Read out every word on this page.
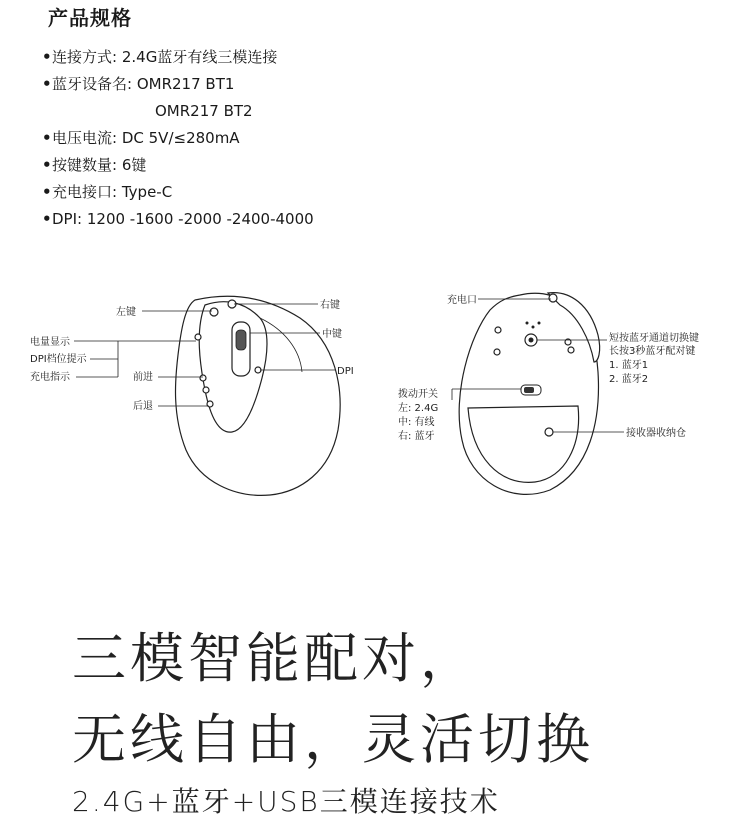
产品规格
•连接方式: 2.4G蓝牙有线三模连接
•蓝牙设备名: OMR217 BT1
OMR217 BT2
•电压电流: DC 5V/≤280mA
•按键数量: 6键
•充电接口: Type-C
•DPI: 1200 -1600 -2000 -2400-4000
左键
右键
中键
DPI
电量显示
DPI档位提示
充电指示	前进
后退
充电口
短按蓝牙通道切换键
长按3秒蓝牙配对键
1. 蓝牙1
2. 蓝牙2
拨动开关
左: 2.4G
中: 有线
右: 蓝牙	接收器收纳仓
三模智能配对，
无线自由，灵活切换
2.4G+蓝牙+USB三模连接技术
